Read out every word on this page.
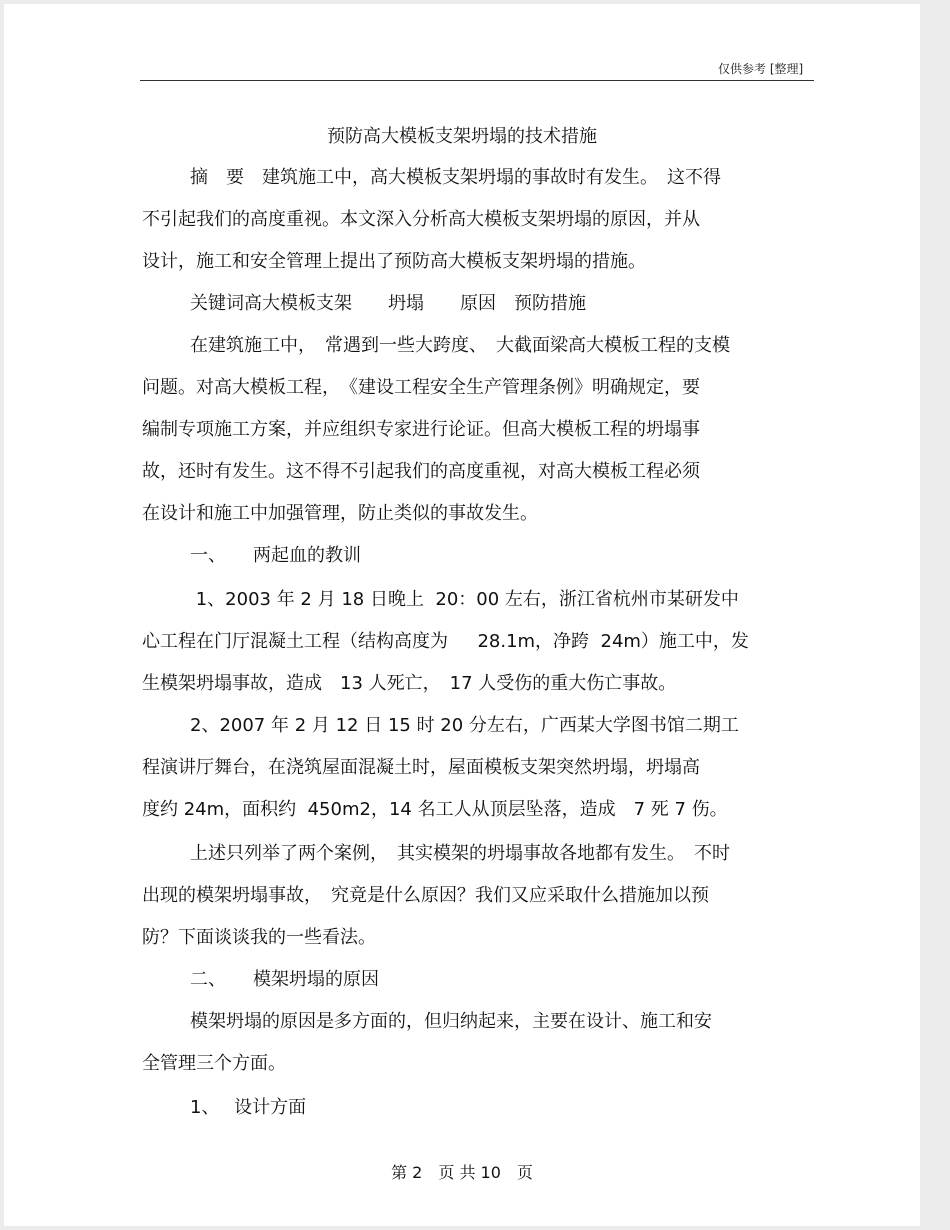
仅供参考 [整理]
预防高大模板支架坍塌的技术措施
摘　要　建筑施工中，高大模板支架坍塌的事故时有发生。　这不得
不引起我们的高度重视。本文深入分析高大模板支架坍塌的原因，并从
设计，施工和安全管理上提出了预防高大模板支架坍塌的措施。
关键词高大模板支架　　坍塌　　原因　预防措施
在建筑施工中，　常遇到一些大跨度、　大截面梁高大模板工程的支模
问题。对高大模板工程，　《建设工程安全生产管理条例》明确规定，要
编制专项施工方案，并应组织专家进行论证。但高大模板工程的坍塌事
故，还时有发生。这不得不引起我们的高度重视，对高大模板工程必须
在设计和施工中加强管理，防止类似的事故发生。
一、　　两起血的教训
1、2003 年 2 月 18 日晚上  20：00 左右，浙江省杭州市某研发中
心工程在门厅混凝土工程（结构高度为　  28.1m，净跨  24m）施工中，发
生模架坍塌事故，造成　13 人死亡，　17 人受伤的重大伤亡事故。
2、2007 年 2 月 12 日 15 时 20 分左右，广西某大学图书馆二期工
程演讲厅舞台，在浇筑屋面混凝土时，屋面模板支架突然坍塌，坍塌高
度约 24m，面积约  450m2，14 名工人从顶层坠落，造成　7 死 7 伤。
上述只列举了两个案例，　其实模架的坍塌事故各地都有发生。　不时
出现的模架坍塌事故，　究竟是什么原因？我们又应采取什么措施加以预
防？下面谈谈我的一些看法。
二、　　模架坍塌的原因
模架坍塌的原因是多方面的，但归纳起来，主要在设计、施工和安
全管理三个方面。
1、　 设计方面
第 2　页 共 10　页
